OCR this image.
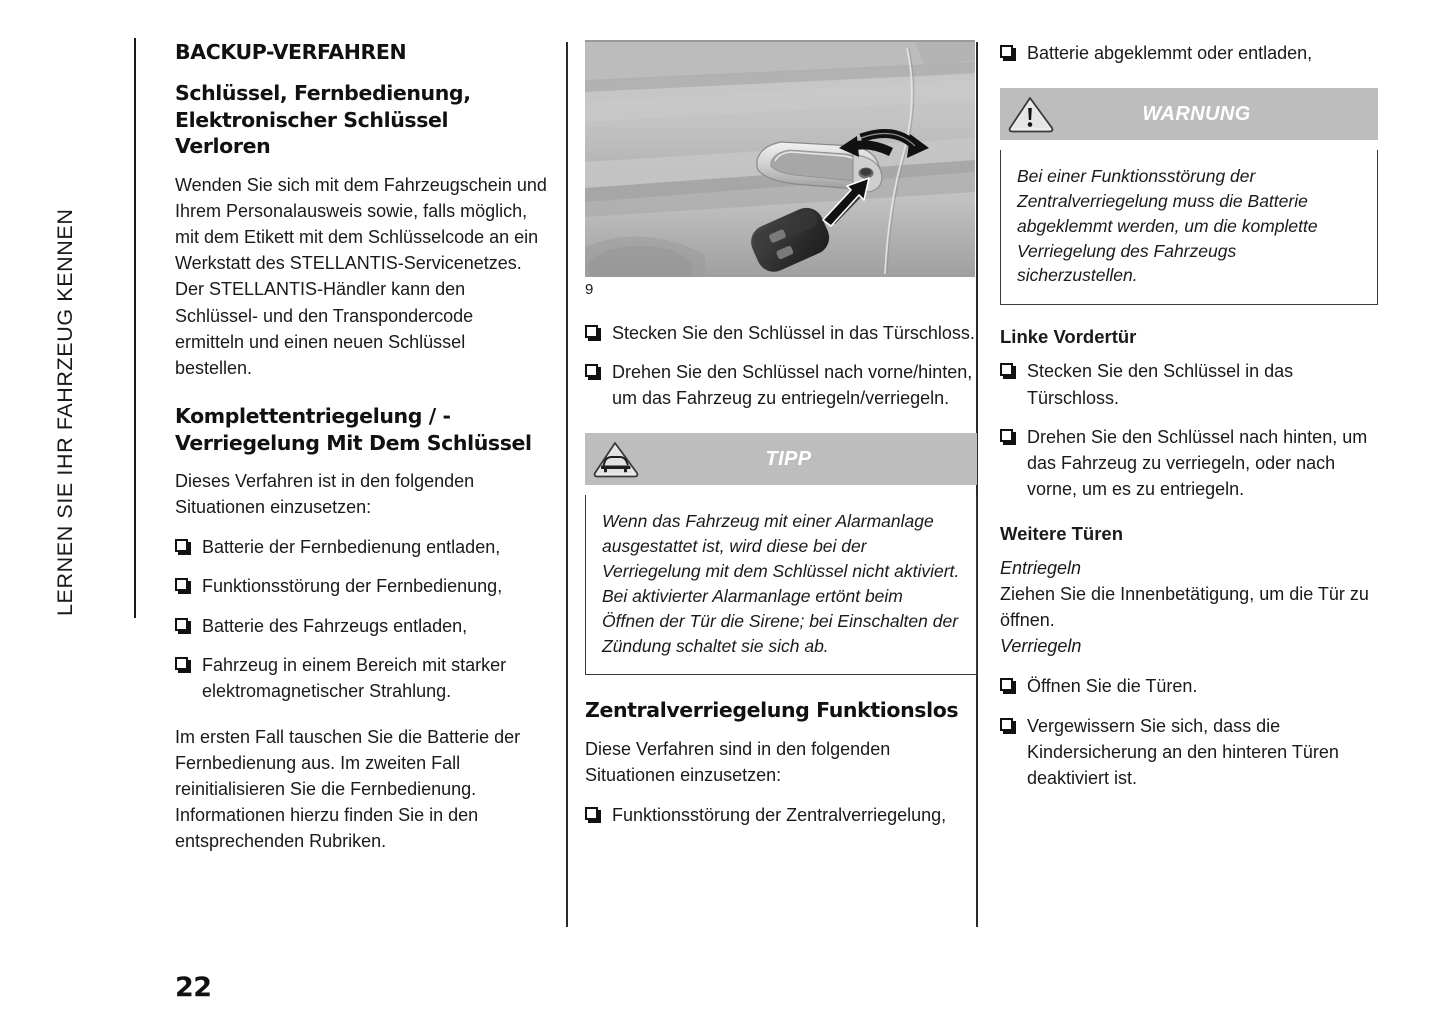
LERNEN SIE IHR FAHRZEUG KENNEN
BACKUP-VERFAHREN
Schlüssel, Fernbedienung, Elektronischer Schlüssel Verloren

Wenden Sie sich mit dem Fahrzeugschein und Ihrem Personalausweis sowie, falls möglich, mit dem Etikett mit dem Schlüsselcode an ein Werkstatt des STELLANTIS-Servicenetzes. Der STELLANTIS-Händler kann den Schlüssel- und den Transpondercode ermitteln und einen neuen Schlüssel bestellen.

Komplettentriegelung / -Verriegelung Mit Dem Schlüssel

Dieses Verfahren ist in den folgenden Situationen einzusetzen:

Batterie der Fernbedienung entladen,
Funktionsstörung der Fernbedienung,
Batterie des Fahrzeugs entladen,
Fahrzeug in einem Bereich mit starker elektromagnetischer Strahlung.

Im ersten Fall tauschen Sie die Batterie der Fernbedienung aus. Im zweiten Fall reinitialisieren Sie die Fernbedienung. Informationen hierzu finden Sie in den entsprechenden Rubriken.

9
Stecken Sie den Schlüssel in das Türschloss.
Drehen Sie den Schlüssel nach vorne/hinten, um das Fahrzeug zu entriegeln/verriegeln.
TIPP
Wenn das Fahrzeug mit einer Alarmanlage ausgestattet ist, wird diese bei der Verriegelung mit dem Schlüssel nicht aktiviert.
Bei aktivierter Alarmanlage ertönt beim Öffnen der Tür die Sirene; bei Einschalten der Zündung schaltet sie sich ab.
Zentralverriegelung Funktionslos

Diese Verfahren sind in den folgenden Situationen einzusetzen:

Funktionsstörung der Zentralverriegelung,
Batterie abgeklemmt oder entladen,
WARNUNG
Bei einer Funktionsstörung der Zentralverriegelung muss die Batterie abgeklemmt werden, um die komplette Verriegelung des Fahrzeugs sicherzustellen.
Linke Vordertür
Stecken Sie den Schlüssel in das Türschloss.
Drehen Sie den Schlüssel nach hinten, um das Fahrzeug zu verriegeln, oder nach vorne, um es zu entriegeln.
Weitere Türen

Entriegeln

Ziehen Sie die Innenbetätigung, um die Tür zu öffnen.

Verriegeln

Öffnen Sie die Türen.
Vergewissern Sie sich, dass die Kindersicherung an den hinteren Türen deaktiviert ist.
22
